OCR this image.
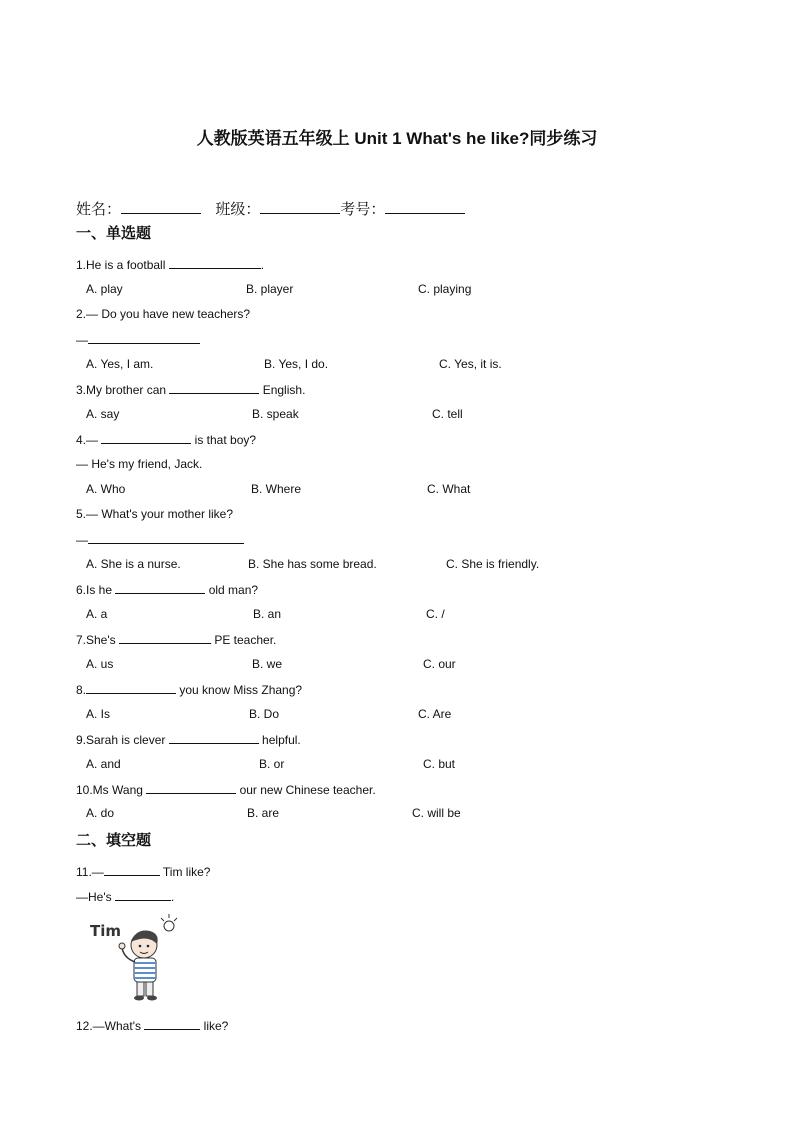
人教版英语五年级上 Unit 1 What's he like?同步练习
姓名：	班级：	考号：
一、单选题
1.He is a football	.
A. play	B. player	C. playing
2.— Do you have new teachers?
—
A. Yes, I am.	B. Yes, I do.	C. Yes, it is.
3.My brother can	English.
A. say	B. speak	C. tell
4.—	is that boy?
— He's my friend, Jack.
A. Who	B. Where	C. What
5.— What's your mother like?
—
A. She is a nurse.	B. She has some bread.	C. She is friendly.
6.Is he	old man?
A. a	B. an	C. /
7.She's	PE teacher.
A. us	B. we	C. our
8.	you know Miss Zhang?
A. Is	B. Do	C. Are
9.Sarah is clever	helpful.
A. and	B. or	C. but
10.Ms Wang	our new Chinese teacher.
A. do	B. are	C. will be
二、填空题
11.—	Tim like?
—He's	.
Tim
12.—What's	like?
